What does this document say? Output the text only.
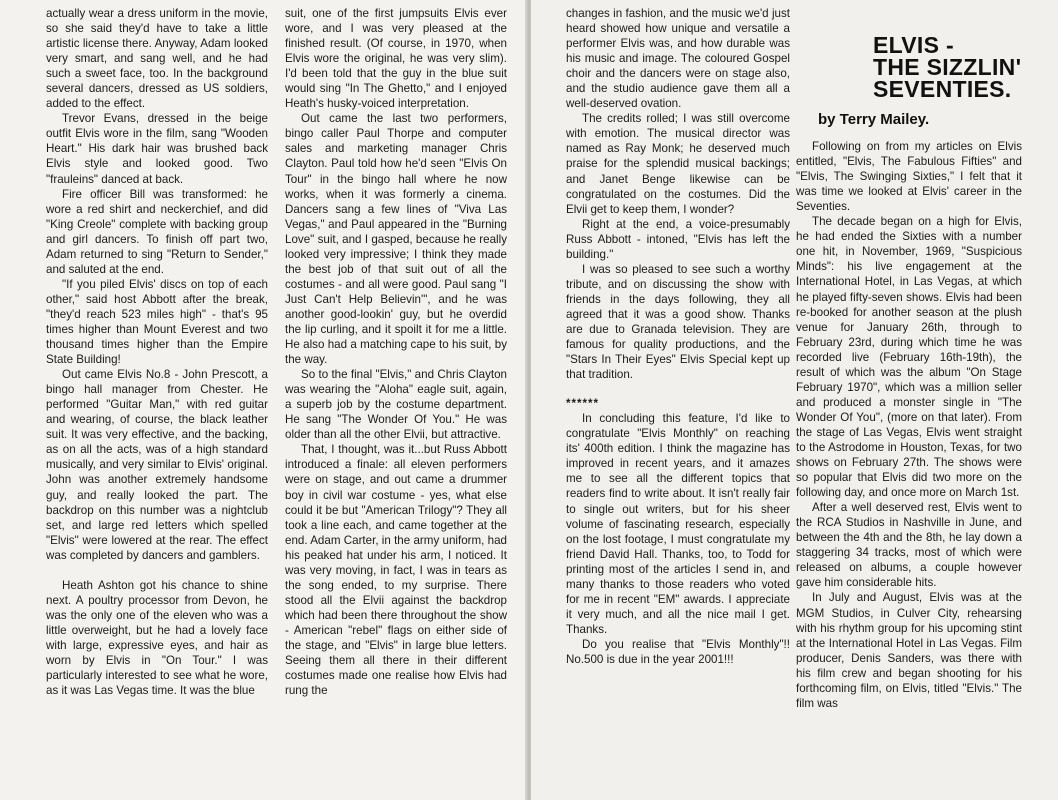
actually wear a dress uniform in the movie, so she said they'd have to take a little artistic license there. Anyway, Adam looked very smart, and sang well, and he had such a sweet face, too. In the background several dancers, dressed as US soldiers, added to the effect.

Trevor Evans, dressed in the beige outfit Elvis wore in the film, sang "Wooden Heart." His dark hair was brushed back Elvis style and looked good. Two "frauleins" danced at back.

Fire officer Bill was transformed: he wore a red shirt and neckerchief, and did "King Creole" complete with backing group and girl dancers. To finish off part two, Adam returned to sing "Return to Sender," and saluted at the end.

"If you piled Elvis' discs on top of each other," said host Abbott after the break, "they'd reach 523 miles high" - that's 95 times higher than Mount Everest and two thousand times higher than the Empire State Building!

Out came Elvis No.8 - John Prescott, a bingo hall manager from Chester. He performed "Guitar Man," with red guitar and wearing, of course, the black leather suit. It was very effective, and the backing, as on all the acts, was of a high standard musically, and very similar to Elvis' original. John was another extremely handsome guy, and really looked the part. The backdrop on this number was a nightclub set, and large red letters which spelled "Elvis" were lowered at the rear. The effect was completed by dancers and gamblers.

Heath Ashton got his chance to shine next. A poultry processor from Devon, he was the only one of the eleven who was a little overweight, but he had a lovely face with large, expressive eyes, and hair as worn by Elvis in "On Tour." I was particularly interested to see what he wore, as it was Las Vegas time. It was the blue

suit, one of the first jumpsuits Elvis ever wore, and I was very pleased at the finished result. (Of course, in 1970, when Elvis wore the original, he was very slim). I'd been told that the guy in the blue suit would sing "In The Ghetto," and I enjoyed Heath's husky-voiced interpretation.

Out came the last two performers, bingo caller Paul Thorpe and computer sales and marketing manager Chris Clayton. Paul told how he'd seen "Elvis On Tour" in the bingo hall where he now works, when it was formerly a cinema. Dancers sang a few lines of "Viva Las Vegas," and Paul appeared in the "Burning Love" suit, and I gasped, because he really looked very impressive; I think they made the best job of that suit out of all the costumes - and all were good. Paul sang "I Just Can't Help Believin'", and he was another good-lookin' guy, but he overdid the lip curling, and it spoilt it for me a little. He also had a matching cape to his suit, by the way.

So to the final "Elvis," and Chris Clayton was wearing the "Aloha" eagle suit, again, a superb job by the costume department. He sang "The Wonder Of You." He was older than all the other Elvii, but attractive.

That, I thought, was it...but Russ Abbott introduced a finale: all eleven performers were on stage, and out came a drummer boy in civil war costume - yes, what else could it be but "American Trilogy"? They all took a line each, and came together at the end. Adam Carter, in the army uniform, had his peaked hat under his arm, I noticed. It was very moving, in fact, I was in tears as the song ended, to my surprise. There stood all the Elvii against the backdrop which had been there throughout the show - American "rebel" flags on either side of the stage, and "Elvis" in large blue letters. Seeing them all there in their different costumes made one realise how Elvis had rung the

changes in fashion, and the music we'd just heard showed how unique and versatile a performer Elvis was, and how durable was his music and image. The coloured Gospel choir and the dancers were on stage also, and the studio audience gave them all a well-deserved ovation.

The credits rolled; I was still overcome with emotion. The musical director was named as Ray Monk; he deserved much praise for the splendid musical backings; and Janet Benge likewise can be congratulated on the costumes. Did the Elvii get to keep them, I wonder?

Right at the end, a voice-presumably Russ Abbott - intoned, "Elvis has left the building."

I was so pleased to see such a worthy tribute, and on discussing the show with friends in the days following, they all agreed that it was a good show. Thanks are due to Granada television. They are famous for quality productions, and the "Stars In Their Eyes" Elvis Special kept up that tradition.

******

In concluding this feature, I'd like to congratulate "Elvis Monthly" on reaching its' 400th edition. I think the magazine has improved in recent years, and it amazes me to see all the different topics that readers find to write about. It isn't really fair to single out writers, but for his sheer volume of fascinating research, especially on the lost footage, I must congratulate my friend David Hall. Thanks, too, to Todd for printing most of the articles I send in, and many thanks to those readers who voted for me in recent "EM" awards. I appreciate it very much, and all the nice mail I get. Thanks.

Do you realise that "Elvis Monthly"!! No.500 is due in the year 2001!!!

ELVIS -
THE SIZZLIN'
SEVENTIES.
by Terry Mailey.

Following on from my articles on Elvis entitled, "Elvis, The Fabulous Fifties" and "Elvis, The Swinging Sixties," I felt that it was time we looked at Elvis' career in the Seventies.

The decade began on a high for Elvis, he had ended the Sixties with a number one hit, in November, 1969, "Suspicious Minds": his live engagement at the International Hotel, in Las Vegas, at which he played fifty-seven shows. Elvis had been re-booked for another season at the plush venue for January 26th, through to February 23rd, during which time he was recorded live (February 16th-19th), the result of which was the album "On Stage February 1970", which was a million seller and produced a monster single in "The Wonder Of You", (more on that later). From the stage of Las Vegas, Elvis went straight to the Astrodome in Houston, Texas, for two shows on February 27th. The shows were so popular that Elvis did two more on the following day, and once more on March 1st.

After a well deserved rest, Elvis went to the RCA Studios in Nashville in June, and between the 4th and the 8th, he lay down a staggering 34 tracks, most of which were released on albums, a couple however gave him considerable hits.

In July and August, Elvis was at the MGM Studios, in Culver City, rehearsing with his rhythm group for his upcoming stint at the International Hotel in Las Vegas. Film producer, Denis Sanders, was there with his film crew and began shooting for his forthcoming film, on Elvis, titled "Elvis." The film was
